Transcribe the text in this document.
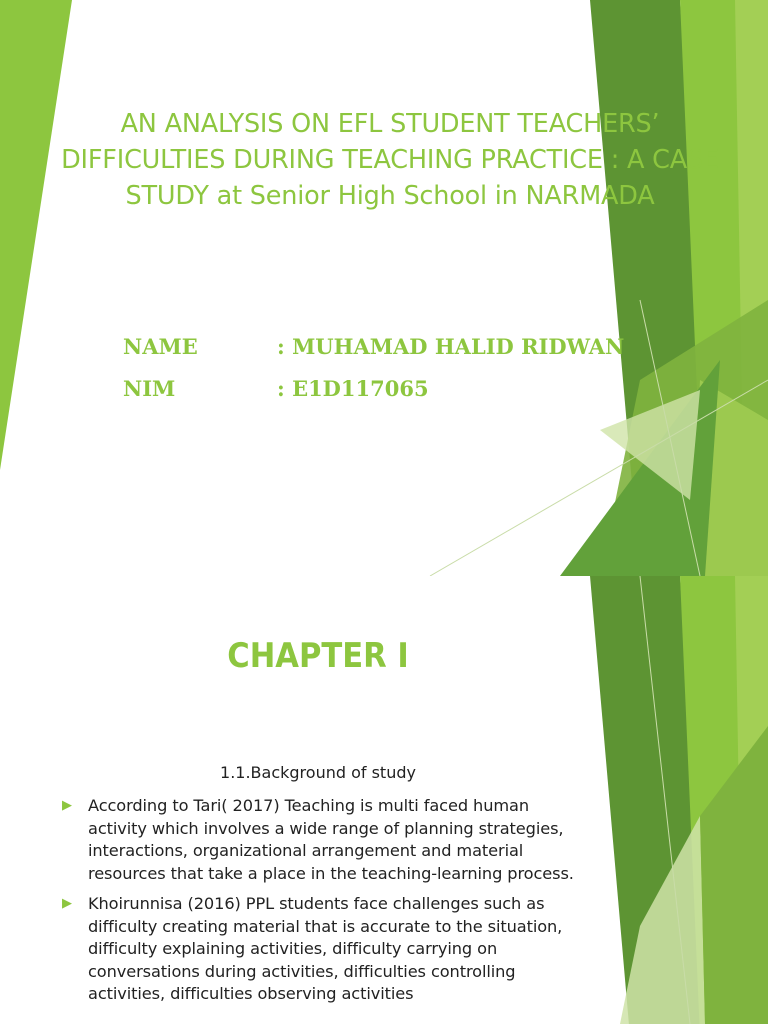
AN ANALYSIS ON EFL STUDENT TEACHERS’ DIFFICULTIES DURING TEACHING PRACTICE : A CASE STUDY at Senior High School in NARMADA
NAME	: MUHAMAD HALID RIDWAN
NIM	: E1D117065
CHAPTER I
1.1.Background of study
▶ According to Tari( 2017) Teaching is multi faced human activity which involves a wide range of planning strategies, interactions, organizational arrangement and material resources that take a place in the teaching-learning process.
▶ Khoirunnisa (2016) PPL students face challenges such as difficulty creating material that is accurate to the situation, difficulty explaining activities, difficulty carrying on conversations during activities, difficulties controlling activities, difficulties observing activities
